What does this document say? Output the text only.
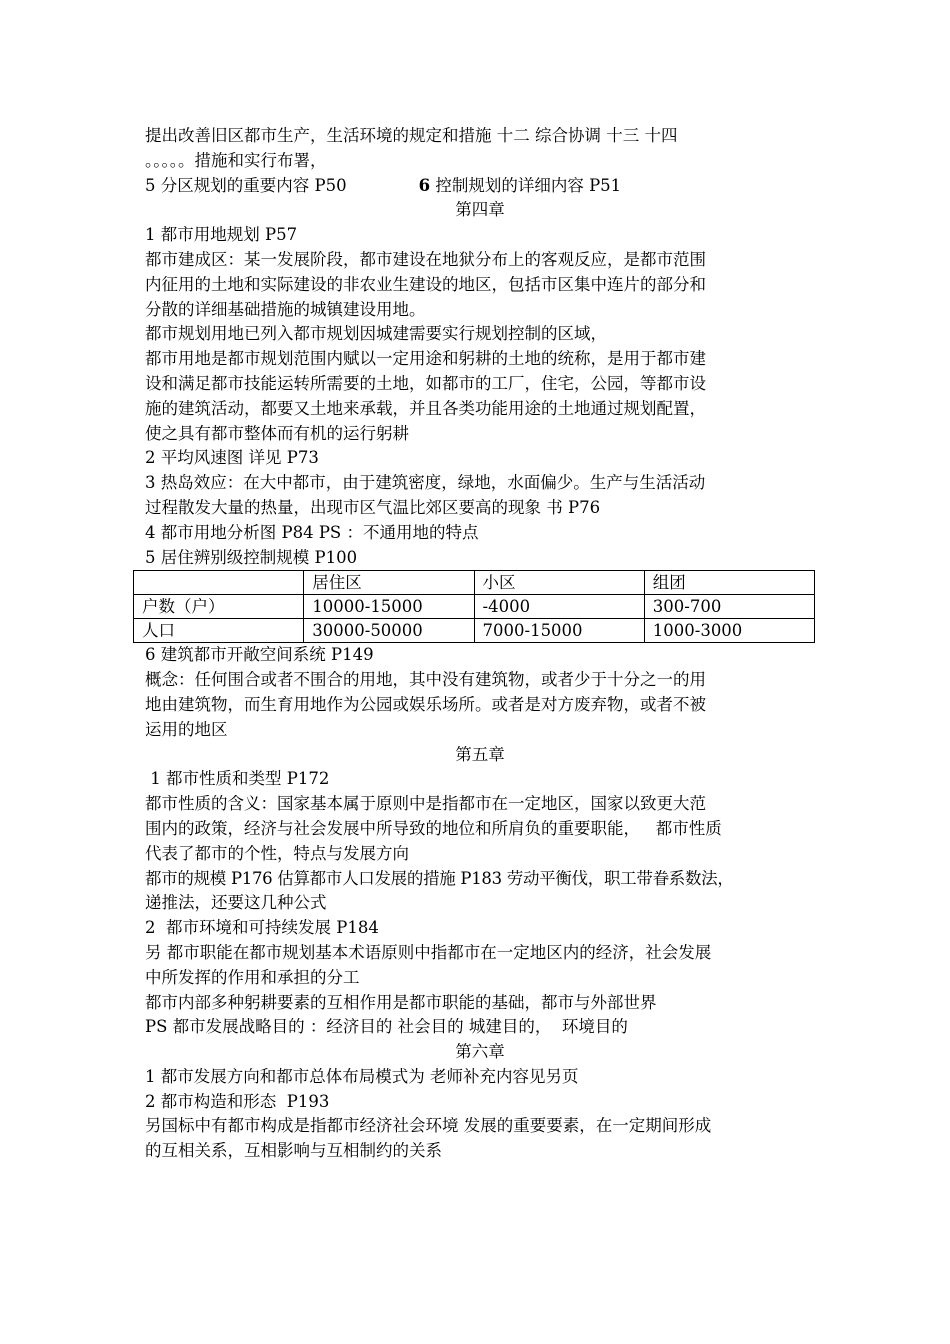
提出改善旧区都市生产，生活环境的规定和措施 十二 综合协调 十三 十四
。。。。。措施和实行布署，
5 分区规划的重要内容 P50	6 控制规划的详细内容 P51
第四章
1 都市用地规划 P57
都市建成区：某一发展阶段，都市建设在地狱分布上的客观反应，是都市范围
内征用的土地和实际建设的非农业生建设的地区，包括市区集中连片的部分和
分散的详细基础措施的城镇建设用地。
都市规划用地已列入都市规划因城建需要实行规划控制的区域，
都市用地是都市规划范围内赋以一定用途和躬耕的土地的统称，是用于都市建
设和满足都市技能运转所需要的土地，如都市的工厂，住宅，公园，等都市设
施的建筑活动，都要又土地来承载，并且各类功能用途的土地通过规划配置，
使之具有都市整体而有机的运行躬耕
2 平均风速图 详见 P73
3 热岛效应：在大中都市，由于建筑密度，绿地，水面偏少。生产与生活活动
过程散发大量的热量，出现市区气温比郊区要高的现象 书 P76
4 都市用地分析图 P84 PS ：不通用地的特点
5 居住辨别级控制规模 P100
	居住区	小区	组团
户数（户）	10000-15000	-4000	300-700
人口	30000-50000	7000-15000	1000-3000
6 建筑都市开敞空间系统 P149
概念：任何围合或者不围合的用地，其中没有建筑物，或者少于十分之一的用
地由建筑物，而生育用地作为公园或娱乐场所。或者是对方废弃物，或者不被
运用的地区
第五章
1 都市性质和类型 P172
都市性质的含义：国家基本属于原则中是指都市在一定地区，国家以致更大范
围内的政策，经济与社会发展中所导致的地位和所肩负的重要职能，   都市性质
代表了都市的个性，特点与发展方向
都市的规模 P176 估算都市人口发展的措施 P183 劳动平衡伐，职工带眷系数法，
递推法，还要这几种公式
2  都市环境和可持续发展 P184
另 都市职能在都市规划基本术语原则中指都市在一定地区内的经济，社会发展
中所发挥的作用和承担的分工
都市内部多种躬耕要素的互相作用是都市职能的基础，都市与外部世界
PS 都市发展战略目的 ：经济目的 社会目的 城建目的，  环境目的
第六章
1 都市发展方向和都市总体布局模式为 老师补充内容见另页
2 都市构造和形态  P193
另国标中有都市构成是指都市经济社会环境 发展的重要要素，在一定期间形成
的互相关系，互相影响与互相制约的关系
